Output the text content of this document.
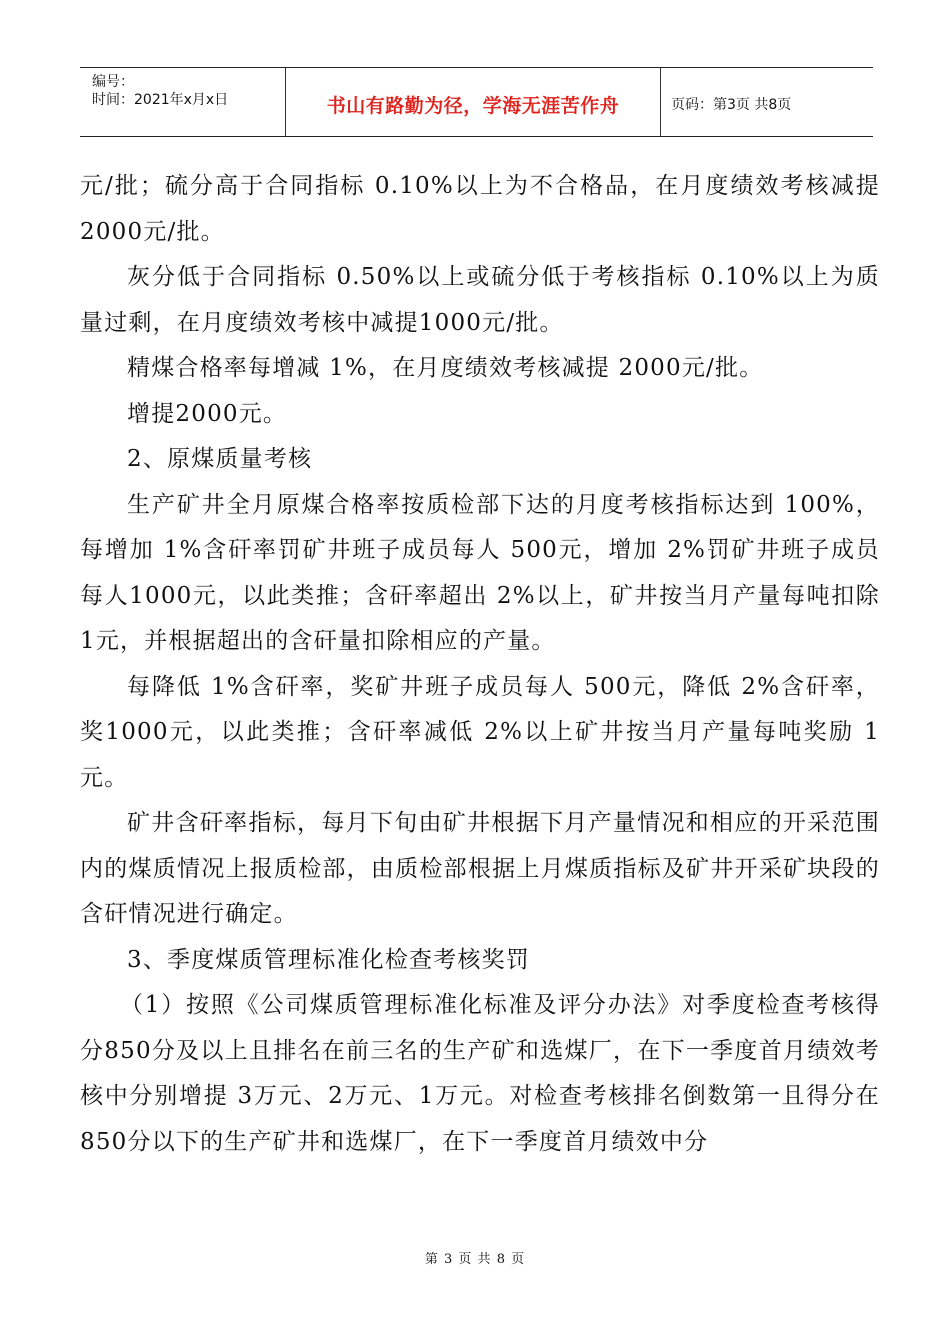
编号：
时间：2021年x月x日	书山有路勤为径，学海无涯苦作舟	页码：第3页 共8页

元/批；硫分高于合同指标 0.10%以上为不合格品，在月度绩效考核减提2000元/批。

灰分低于合同指标 0.50%以上或硫分低于考核指标 0.10%以上为质量过剩，在月度绩效考核中减提1000元/批。

精煤合格率每增减 1%，在月度绩效考核减提 2000元/批。

增提2000元。

2、原煤质量考核

生产矿井全月原煤合格率按质检部下达的月度考核指标达到 100%，每增加 1%含矸率罚矿井班子成员每人 500元，增加 2%罚矿井班子成员每人1000元，以此类推；含矸率超出 2%以上，矿井按当月产量每吨扣除 1元，并根据超出的含矸量扣除相应的产量。

每降低 1%含矸率，奖矿井班子成员每人 500元，降低 2%含矸率，奖1000元，以此类推；含矸率减低 2%以上矿井按当月产量每吨奖励 1元。

矿井含矸率指标，每月下旬由矿井根据下月产量情况和相应的开采范围内的煤质情况上报质检部，由质检部根据上月煤质指标及矿井开采矿块段的含矸情况进行确定。

3、季度煤质管理标准化检查考核奖罚

（1）按照《公司煤质管理标准化标准及评分办法》对季度检查考核得分850分及以上且排名在前三名的生产矿和选煤厂，在下一季度首月绩效考核中分别增提 3万元、2万元、1万元。对检查考核排名倒数第一且得分在850分以下的生产矿井和选煤厂，在下一季度首月绩效中分

第 3 页 共 8 页
